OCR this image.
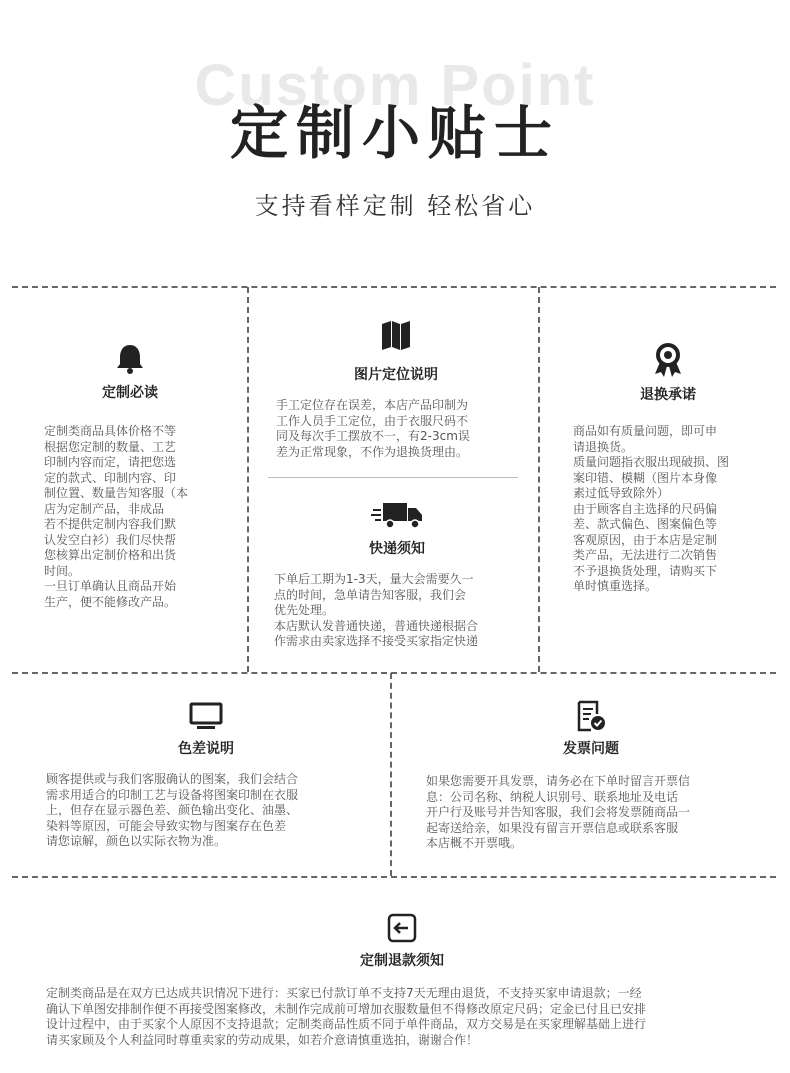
Custom Point
定制小贴士
支持看样定制 轻松省心
定制必读
定制类商品具体价格不等
根据您定制的数量、工艺
印制内容而定，请把您选
定的款式、印制内容、印
制位置、数量告知客服（本
店为定制产品，非成品
若不提供定制内容我们默
认发空白衫）我们尽快帮
您核算出定制价格和出货
时间。
一旦订单确认且商品开始
生产，便不能修改产品。
图片定位说明
手工定位存在误差，本店产品印制为
工作人员手工定位，由于衣服尺码不
同及每次手工摆放不一，有2-3cm误
差为正常现象，不作为退换货理由。
快递须知
下单后工期为1-3天，量大会需要久一
点的时间，急单请告知客服，我们会
优先处理。
本店默认发普通快递，普通快递根据合
作需求由卖家选择不接受买家指定快递
退换承诺
商品如有质量问题，即可申
请退换货。
质量问题指衣服出现破损、图
案印错、模糊（图片本身像
素过低导致除外）
由于顾客自主选择的尺码偏
差、款式偏色、图案偏色等
客观原因，由于本店是定制
类产品，无法进行二次销售
不予退换货处理，请购买下
单时慎重选择。
色差说明
顾客提供或与我们客服确认的图案，我们会结合
需求用适合的印制工艺与设备将图案印制在衣服
上，但存在显示器色差、颜色输出变化、油墨、
染料等原因，可能会导致实物与图案存在色差
请您谅解，颜色以实际衣物为准。
发票问题
如果您需要开具发票，请务必在下单时留言开票信
息：公司名称、纳税人识别号、联系地址及电话
开户行及账号并告知客服，我们会将发票随商品一
起寄送给亲，如果没有留言开票信息或联系客服
本店概不开票哦。
定制退款须知
定制类商品是在双方已达成共识情况下进行：买家已付款订单不支持7天无理由退货，不支持买家申请退款；一经
确认下单图安排制作便不再接受图案修改，未制作完成前可增加衣服数量但不得修改原定尺码；定金已付且已安排
设计过程中，由于买家个人原因不支持退款；定制类商品性质不同于单件商品，双方交易是在买家理解基础上进行
请买家顾及个人利益同时尊重卖家的劳动成果，如若介意请慎重选拍，谢谢合作！
